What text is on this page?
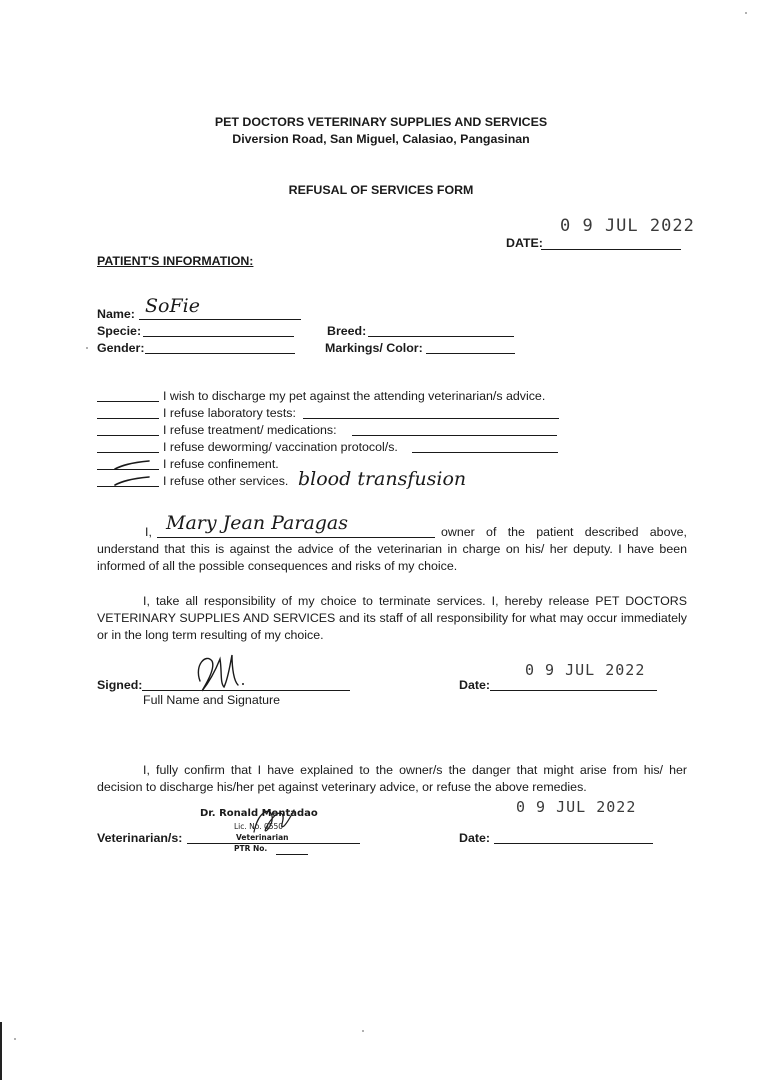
PET DOCTORS VETERINARY SUPPLIES AND SERVICES
Diversion Road, San Miguel, Calasiao, Pangasinan
REFUSAL OF SERVICES FORM
0 9 JUL 2022
DATE:
PATIENT'S INFORMATION:
Name: SoFie
Specie:	Breed:
Gender:	Markings/ Color:
I wish to discharge my pet against the attending veterinarian/s advice.
I refuse laboratory tests:
I refuse treatment/ medications:
I refuse deworming/ vaccination protocol/s.
I refuse confinement.
I refuse other services. blood transfusion
I, Mary Jean Paragas	owner of the patient described above,
understand that this is against the advice of the veterinarian in charge on his/ her deputy. I have been
informed of all the possible consequences and risks of my choice.
I, take all responsibility of my choice to terminate services. I, hereby release PET DOCTORS VETERINARY SUPPLIES AND SERVICES and its staff of all responsibility for what may occur immediately or in the long term resulting of my choice.
Signed:
Full Name and Signature
0 9 JUL 2022
Date:
I, fully confirm that I have explained to the owner/s the danger that might arise from his/ her decision to discharge his/her pet against veterinary advice, or refuse the above remedies.
Veterinarian/s:
Dr. Ronald Mentadao
Lic. No. 0550
Veterinarian
PTR No.
0 9 JUL 2022
Date:
